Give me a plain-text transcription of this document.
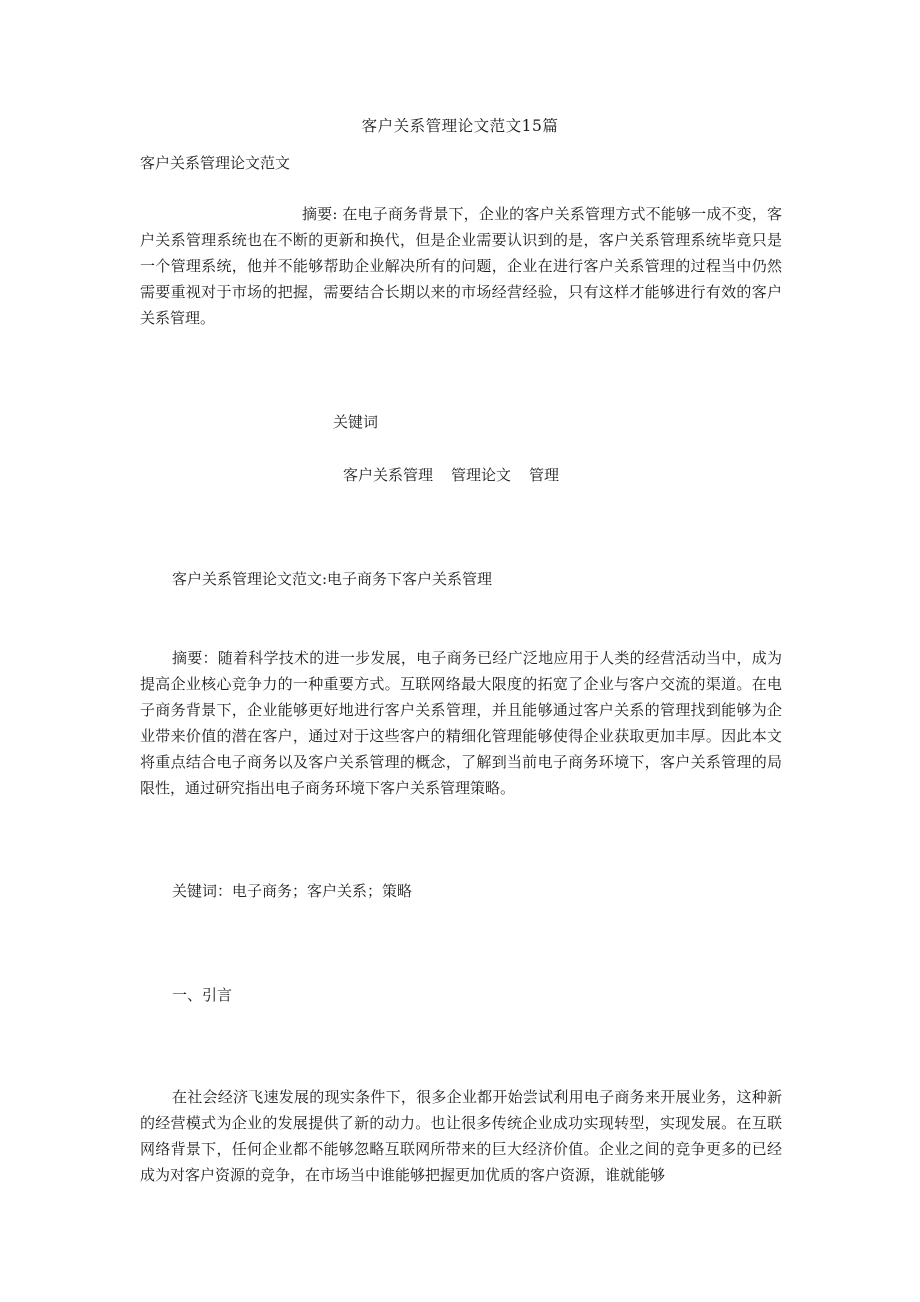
客户关系管理论文范文15篇
客户关系管理论文范文

摘要: 在电子商务背景下，企业的客户关系管理方式不能够一成不变，客户关系管理系统也在不断的更新和换代，但是企业需要认识到的是，客户关系管理系统毕竟只是一个管理系统，他并不能够帮助企业解决所有的问题，企业在进行客户关系管理的过程当中仍然需要重视对于市场的把握，需要结合长期以来的市场经营经验，只有这样才能够进行有效的客户关系管理。

关键词
客户关系管理 管理论文 管理
客户关系管理论文范文:电子商务下客户关系管理

摘要：随着科学技术的进一步发展，电子商务已经广泛地应用于人类的经营活动当中，成为提高企业核心竞争力的一种重要方式。互联网络最大限度的拓宽了企业与客户交流的渠道。在电子商务背景下，企业能够更好地进行客户关系管理，并且能够通过客户关系的管理找到能够为企业带来价值的潜在客户，通过对于这些客户的精细化管理能够使得企业获取更加丰厚。因此本文将重点结合电子商务以及客户关系管理的概念，了解到当前电子商务环境下，客户关系管理的局限性，通过研究指出电子商务环境下客户关系管理策略。

关键词：电子商务；客户关系；策略
一、引言

在社会经济飞速发展的现实条件下，很多企业都开始尝试利用电子商务来开展业务，这种新的经营模式为企业的发展提供了新的动力。也让很多传统企业成功实现转型，实现发展。在互联网络背景下，任何企业都不能够忽略互联网所带来的巨大经济价值。企业之间的竞争更多的已经成为对客户资源的竞争，在市场当中谁能够把握更加优质的客户资源，谁就能够
